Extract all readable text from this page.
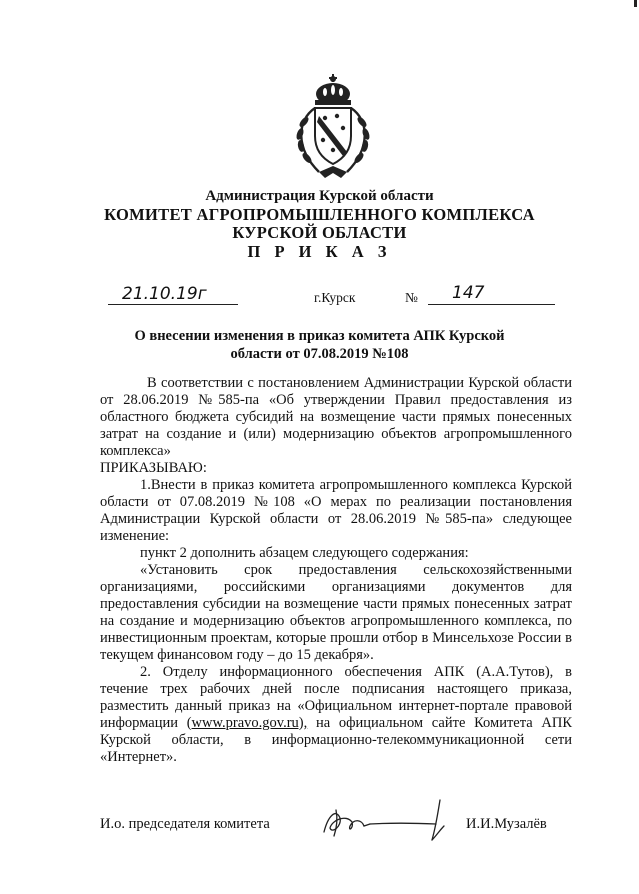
Администрация Курской области
КОМИТЕТ АГРОПРОМЫШЛЕННОГО КОМПЛЕКСА
КУРСКОЙ ОБЛАСТИ
П Р И К А З
21.10.19г	г.Курск	№ 147
О внесении изменения в приказ комитета АПК Курской
области от 07.08.2019 №108

В соответствии с постановлением Администрации Курской области от 28.06.2019 №585-па «Об утверждении Правил предоставления из областного бюджета субсидий на возмещение части прямых понесенных затрат на создание и (или) модернизацию объектов агропромышленного комплекса»

ПРИКАЗЫВАЮ:

1.Внести в приказ комитета агропромышленного комплекса Курской области от 07.08.2019 №108 «О мерах по реализации постановления Администрации Курской области от 28.06.2019 №585-па» следующее изменение:

пункт 2 дополнить абзацем следующего содержания:

«Установить срок предоставления сельскохозяйственными организациями, российскими организациями документов для предоставления субсидии на возмещение части прямых понесенных затрат на создание и модернизацию объектов агропромышленного комплекса, по инвестиционным проектам, которые прошли отбор в Минсельхозе России в текущем финансовом году – до 15 декабря».

2. Отделу информационного обеспечения АПК (А.А.Тутов), в течение трех рабочих дней после подписания настоящего приказа, разместить данный приказ на «Официальном интернет-портале правовой информации (www.pravo.gov.ru), на официальном сайте Комитета АПК Курской области, в информационно-телекоммуникационной сети «Интернет».

И.о. председателя комитета	И.И.Музалёв
